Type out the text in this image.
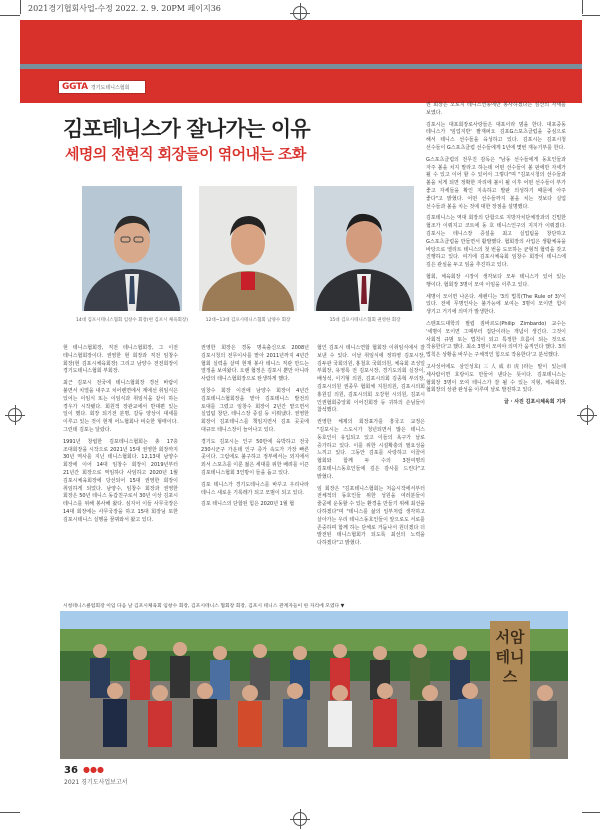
2021경기협회사업-수정 2022. 2. 9. 20PM 페이지36
GGTA 경기도테니스협회
김포테니스가 잘나가는 이유
세명의 전현직 회장들이 엮어내는 조화
14대 김포시테니스협회 임창수 회장(현 김포시 체육회장)	12대~13대 김포시테니스협회 남양수 회장	15대 김포시테니스협회 권영한 회장

권 회장은 오로지 테니스연동에만 봉사하겠다는 심산의 자세를 보였다.

김포시는 대포회장로사랑들은 대포이라 멈을 한다. 대포중동 테니스가 '임업지반' 팔재퍼오 김포G스포츠클럽을 중심으로 해서 테니스 선수들을 육성하고 있다. 김포시는 김포시청 선수들이 G스포츠클럽 선수들에게 1년에 몇번 재능기부를 한다.

G스포츠클럽의 전무진 감독은 "남동 선수들에게 동호인들과 자주 볼을 치지 말라고 하는데 어떤 선수들이 볼 판에만 자세가 될 수 있고 이어 할 수 있어서 그렇다"며 "김포시청의 선수들과 볼을 치게 되면 정확한 자리에 볼이 될 이후 어떤 선수들이 부가 좋고 자세들을 확인 지속하고 발판 의성하기 때문에 아주 좋다"고 밝혔다. 어떤 선수들까지 볼을 치는 것보다 실업 선수들과 볼을 치는 것에 대한 장점을 설명했다.

김포테니스는 역대 회장의 단합으로 지방자치단체장과의 긴밀한 협조가 이뤄지고 코트에 동 호 테니스인구의 지지가 이뤄졌다. 김포시는 테니스장 증설을 최고 실업팀을 창단하고 G스포츠클럽을 만들면서 활발했다. 협회장의 사업은 생활체육을 바탕으로 엘리트 테니스의 첫 번을 도모하는 균형적 협력을 갖고 진행하고 있다. 여기에 김포시체육회 임창수 회장이 테니스에 깊은 관심을 두고 임을 추진하고 있다.

협회, 체육회장 시장이 생각보다 모두 테니스가 있어 있는 행이다. 협회장 3명이 모여 이임을 이루고 있다.

세명이 모이면 나온다. 세렌디는 '3의 법칙(The Rule of 3)'이 있다. 전에 무명인사는 불가능에 보여는 3명이 모이면 힘이 생기고 거기에 의미가 발생한다.

스탠포드대학의 필립 짐바르도(Philip Zimbardo) 교수는 '세명이 모이면 그때부터 집단이라는 개념이 생긴다. 그것이 사회적 규범 또는 법칙이 되고 특정한 흐름이 되는 것으로 작용한다'고 했다. 최소 3명이 모여야 의미가 움직인다 했다. 3의 법칙은 상황을 바꾸는 구체적인 힘으로 작용한다'고 분석했다.

고사성어에도 삼인성호(三人成市虎)라는 말이 있는데 세사람이면 호랑이도 만들어 낸다는 뜻이다. 김포테니스는 협회장 3명이 모여 테니스가 잘 될 수 있는 지형, 체육회장, 협회장의 상관 완성을 이루며 날로 발전하고 있다.

글 · 사진 김포시체육회 기자

현 테니스협회장, 직전 테니스협회장, 그 이전 테니스협회장이다. 권영한 현 회장과 직전 임창수 회장(현 김포시체육회장) 그리고 남양수 전전회장이 경기도테니스협회 부회장.

최근 김포시 전국에 테니스협회장 경선 바람이 불면서 치열을 내주고 치어렌면에서 계에선 취임식은 있어는 이임식 또는 이임식과 취임식을 같이 하는 경우가 시작됐다. 회원적 장관교에서 반대편 있는 일이 했다. 회장 되기전 분명, 갈등 양상이 대세를 이루고 있는 것이 현재 어느협회나 비슷한 형태이다. 그런데 김포는 달랐다.

1991년 창립한 김포테니스협회는 총 17층 조대회장을 시작으로 2021년 15대 권영한 회장까지 30년 역사를 지닌 테니스협회다. 12,13대 남양수 회장에 이어 14대 임창수 회장이 2019년부터 21년간 회장으로 역임하다 사임하고 2020년 1월 김포시체육회장에 당선되어 15대 권영한 회장이 취임하게 되었다. 남양수, 임창수 회장과 권영한 회장은 50년 테니스 동갑친구로서 30년 이상 김포시 테니스를 위해 봉사해 왔다. 심지어 이들 사무국장은 14대 회장에는 사무국장을 하고 15대 회장님 또한 김포시테니스 실행을 꿈꿔와서 왔고 있다.

권영한 회장은 경동 명육출신으로 2008년 김포시청의 전무이사를 맡아 2011년까지 4년간 협회 실력을 살며 현재 봉사 테니스 직관 만드는 열정을 보여왔다. 오랜 협정은 김포시 뿐만 아니라 사람의 테니스협회장으로 탄생하게 했다.

임창수 회장 이전에 남양수 회장이 4년간 김포테니스협회장을 맡아 김포테니스 발전의 토대를 그렸고 임창수 회장이 2년간 맡으면서 실업팀 창단, 테니스장 증설 등 이뤄냈다. 권영한 회장이 김포테니스를 책임지면서 김포 곳곳에 대규모 테니스장이 늘어나고 있다.

경기도 김포시는 인구 50만에 육박하고 전국 230시군구 가운데 인구 증가 속도가 가장 빠른 곳이다. 그럼에도 불구하고 정부에서는 외지에서 외서 스포츠를 이룬 젊은 세대를 위한 배려를 이끈 김포테니스협회 3인방이 들을 돕고 있다.

김포 테니스가 경기도테니스를 바꾸고 우리나라 테니스 새로운 기록레가 되고 모범이 되고 있다.

김포 테니스의 단합된 힘은 2020년 1월 협

협인 김포시 테니스연합 협회장 이취임식에서 잘 보낸 수 있다. 이날 취임식에 정하영 김포시장, 김두관 국회의원, 홍철호 국회의원, 체육회 조성일 부회장, 유영록 전 김포시장, 경기도의회 실장이, 배성석, 이기형 의원, 김포시의회 김종혁 부의장, 김포시의원 권종무 협회체 지원의원, 김포시의회 홍원길 의원, 김포시의회 오강현 시의원, 김포시 인권협회중앙회 이어진회장 등 귀하의 손님들이 참석했다.

권영한 체제의 회장표가를 흥국고 교정은 "김포시는 스도시가 청년되면서 많은 테니스 동호인이 유입되고 있고 이들의 욕구가 날로 증가하고 있다. 이를 위한 시설확충의 필요성을 느끼고 있다. 그동안 김포를 사랑하고 이끌어 협회와 함께 두 수의 3천여명의 김포테니스동호인들에 깊은 감사를 드린다"고 밝혔다.

임 회장은 "김포테니스협회는 처음시작에서부터 전체적의 동호인들 위한 성원을 여러분들이 줄곧에 운동할 수 있는 환경을 만들기 위해 최선을 다하겠다"며 "테니스를 삶의 일부처럼 생각하고 살아가는 우리 테니스동호인들이 앞으로도 서로를 존중하며 함께 하는 단체로 거듭나서 원더겠다 더 발전된 테니스협회가 되도록 최선의 노력을 다하겠다"고 밝혔다.

시청테니스클럽회장 이임 다음 날 김포시체육회 임창수 회장, 김포시테니스 협회장 회장, 김포시 테니스 관계자들이 한 자리에 모였다 ▼
서암테니스
36 ●●●
2021 경기도사업보고서
